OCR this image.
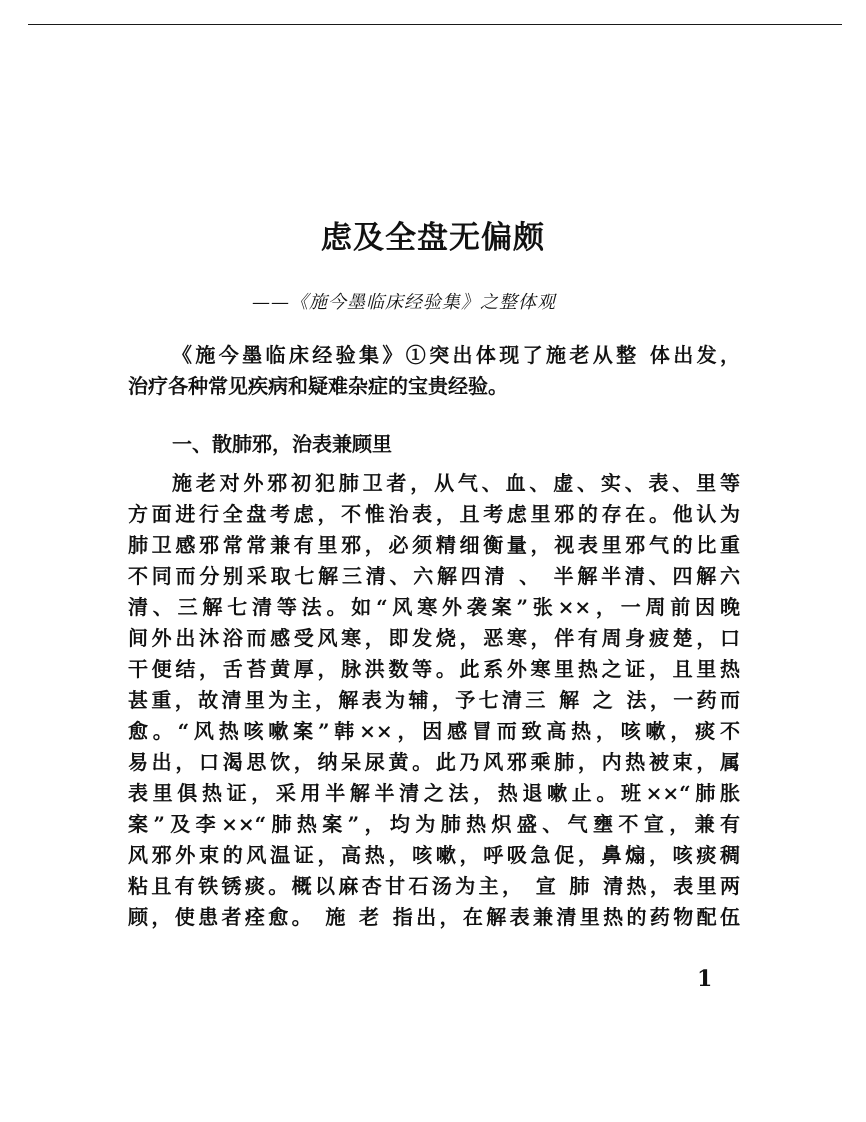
虑及全盘无偏颇
——《施今墨临床经验集》之整体观
《施今墨临床经验集》①突出体现了施老从整 体出发，
治疗各种常见疾病和疑难杂症的宝贵经验。
一、散肺邪，治表兼顾里
施老对外邪初犯肺卫者，从气、血、虚、实、表、里等
方面进行全盘考虑，不惟治表，且考虑里邪的存在。他认为
肺卫感邪常常兼有里邪，必须精细衡量，视表里邪气的比重
不同而分别采取七解三清、六解四清 、 半解半清、四解六
清、三解七清等法。如“风寒外袭案”张××，一周前因晚
间外出沐浴而感受风寒，即发烧，恶寒，伴有周身疲楚，口
干便结，舌苔黄厚，脉洪数等。此系外寒里热之证，且里热
甚重，故清里为主，解表为辅，予七清三 解 之 法，一药而
愈。“风热咳嗽案”韩××，因感冒而致高热，咳嗽，痰不
易出，口渴思饮，纳呆尿黄。此乃风邪乘肺，内热被束，属
表里俱热证，采用半解半清之法，热退嗽止。班××“肺胀
案”及李××“肺热案”，均为肺热炽盛、气壅不宣，兼有
风邪外束的风温证，高热，咳嗽，呼吸急促，鼻煽，咳痰稠
粘且有铁锈痰。概以麻杏甘石汤为主， 宣 肺 清热，表里两
顾，使患者痊愈。 施 老 指出，在解表兼清里热的药物配伍
1
